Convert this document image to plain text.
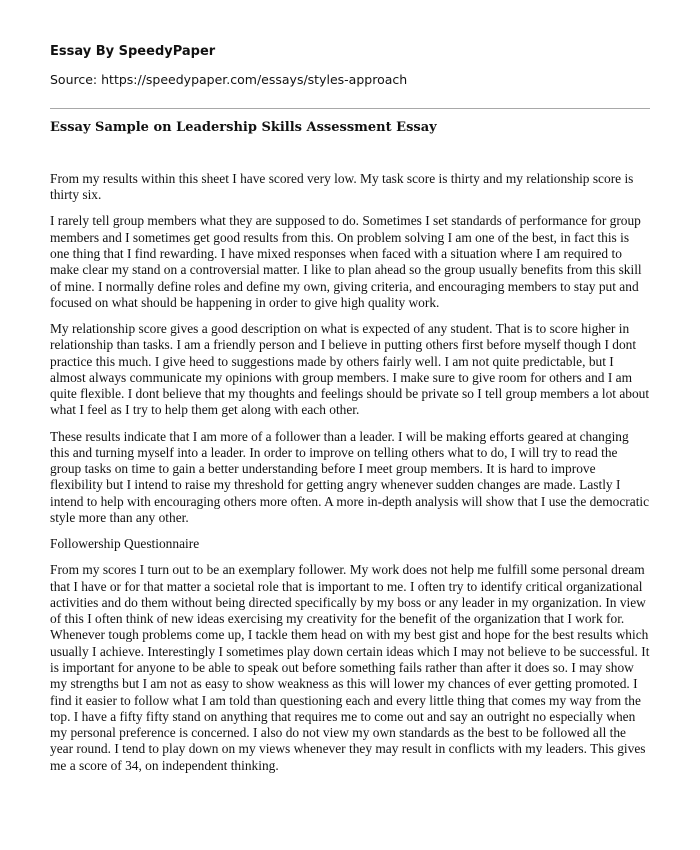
Essay By SpeedyPaper
Source: https://speedypaper.com/essays/styles-approach
Essay Sample on Leadership Skills Assessment Essay

From my results within this sheet I have scored very low. My task score is thirty and my relationship score is thirty six.

I rarely tell group members what they are supposed to do. Sometimes I set standards of performance for group members and I sometimes get good results from this. On problem solving I am one of the best, in fact this is one thing that I find rewarding. I have mixed responses when faced with a situation where I am required to make clear my stand on a controversial matter. I like to plan ahead so the group usually benefits from this skill of mine. I normally define roles and define my own, giving criteria, and encouraging members to stay put and focused on what should be happening in order to give high quality work.

My relationship score gives a good description on what is expected of any student. That is to score higher in relationship than tasks. I am a friendly person and I believe in putting others first before myself though I dont practice this much. I give heed to suggestions made by others fairly well. I am not quite predictable, but I almost always communicate my opinions with group members. I make sure to give room for others and I am quite flexible. I dont believe that my thoughts and feelings should be private so I tell group members a lot about what I feel as I try to help them get along with each other.

These results indicate that I am more of a follower than a leader. I will be making efforts geared at changing this and turning myself into a leader. In order to improve on telling others what to do, I will try to read the group tasks on time to gain a better understanding before I meet group members. It is hard to improve flexibility but I intend to raise my threshold for getting angry whenever sudden changes are made. Lastly I intend to help with encouraging others more often. A more in-depth analysis will show that I use the democratic style more than any other.

Followership Questionnaire

From my scores I turn out to be an exemplary follower. My work does not help me fulfill some personal dream that I have or for that matter a societal role that is important to me. I often try to identify critical organizational activities and do them without being directed specifically by my boss or any leader in my organization. In view of this I often think of new ideas exercising my creativity for the benefit of the organization that I work for. Whenever tough problems come up, I tackle them head on with my best gist and hope for the best results which usually I achieve. Interestingly I sometimes play down certain ideas which I may not believe to be successful. It is important for anyone to be able to speak out before something fails rather than after it does so. I may show my strengths but I am not as easy to show weakness as this will lower my chances of ever getting promoted. I find it easier to follow what I am told than questioning each and every little thing that comes my way from the top. I have a fifty fifty stand on anything that requires me to come out and say an outright no especially when my personal preference is concerned. I also do not view my own standards as the best to be followed all the year round. I tend to play down on my views whenever they may result in conflicts with my leaders. This gives me a score of 34, on independent thinking.
